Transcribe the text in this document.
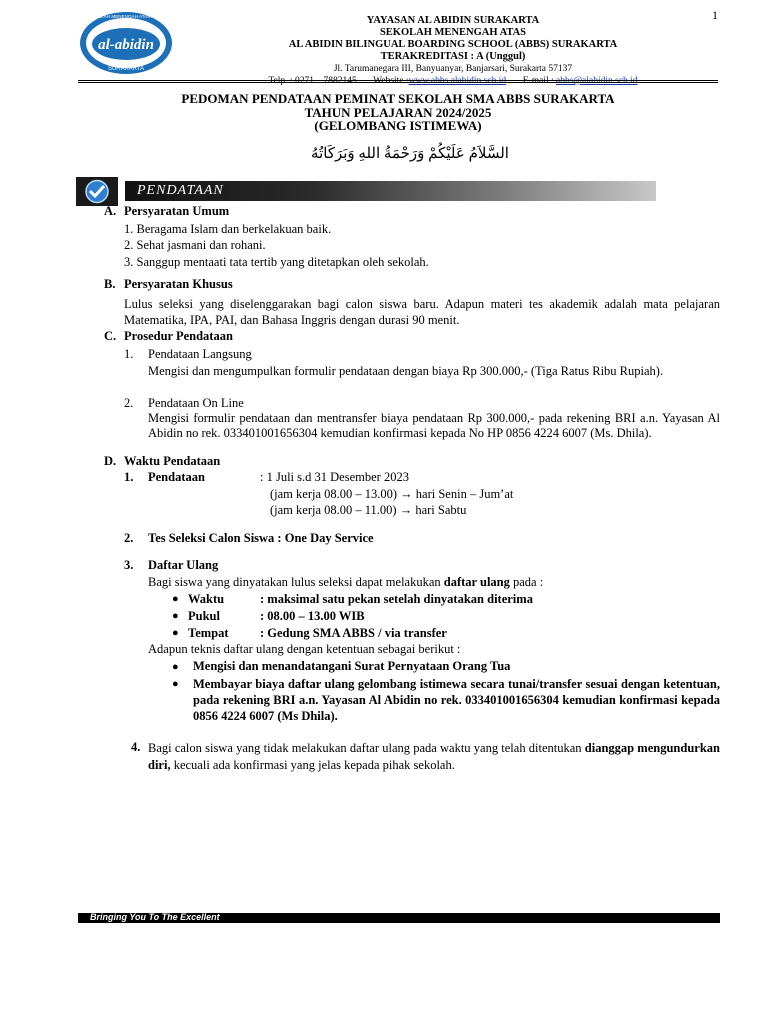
1
al-abidin
SEKOLAH MENENGAH ATAS ABBS
SURAKARTA
YAYASAN AL ABIDIN SURAKARTA
SEKOLAH MENENGAH ATAS
AL ABIDIN BILINGUAL BOARDING SCHOOL (ABBS) SURAKARTA
TERAKREDITASI : A (Unggul)
Jl. Tarumanegara III, Banyuanyar, Banjarsari, Surakarta 57137
Telp. : 0271 – 7882145 Website :www.abbs.alabidin.sch.id E-mail : abbs@alabidin.sch.id
PEDOMAN PENDATAAN PEMINAT SEKOLAH SMA ABBS SURAKARTA
TAHUN PELAJARAN 2024/2025
(GELOMBANG ISTIMEWA)
السَّلاَمُ عَلَيْكُمْ وَرَحْمَةُ اللهِ وَبَرَكَاتُهُ
PENDATAAN
A. Persyaratan Umum
1. Beragama Islam dan berkelakuan baik.
2. Sehat jasmani dan rohani.
3. Sanggup mentaati tata tertib yang ditetapkan oleh sekolah.
B. Persyaratan Khusus
Lulus seleksi yang diselenggarakan bagi calon siswa baru. Adapun materi tes akademik adalah mata pelajaran Matematika, IPA, PAI, dan Bahasa Inggris dengan durasi 90 menit.
C. Prosedur Pendataan
1. Pendataan Langsung
Mengisi dan mengumpulkan formulir pendataan dengan biaya Rp 300.000,- (Tiga Ratus Ribu Rupiah).
2. Pendataan On Line
Mengisi formulir pendataan dan mentransfer biaya pendataan Rp 300.000,- pada rekening BRI a.n. Yayasan Al Abidin no rek. 033401001656304 kemudian konfirmasi kepada No HP 0856 4224 6007 (Ms. Dhila).
D. Waktu Pendataan
1. Pendataan	: 1 Juli s.d 31 Desember 2023
(jam kerja 08.00 – 13.00) → hari Senin – Jum’at
(jam kerja 08.00 – 11.00) → hari Sabtu
2. Tes Seleksi Calon Siswa : One Day Service
3. Daftar Ulang
Bagi siswa yang dinyatakan lulus seleksi dapat melakukan daftar ulang pada :
● Waktu	: maksimal satu pekan setelah dinyatakan diterima
● Pukul	: 08.00 – 13.00 WIB
● Tempat	: Gedung SMA ABBS / via transfer
Adapun teknis daftar ulang dengan ketentuan sebagai berikut :
● Mengisi dan menandatangani Surat Pernyataan Orang Tua
● Membayar biaya daftar ulang gelombang istimewa secara tunai/transfer sesuai dengan ketentuan, pada rekening BRI a.n. Yayasan Al Abidin no rek. 033401001656304 kemudian konfirmasi kepada 0856 4224 6007 (Ms Dhila).
4. Bagi calon siswa yang tidak melakukan daftar ulang pada waktu yang telah ditentukan dianggap mengundurkan diri, kecuali ada konfirmasi yang jelas kepada pihak sekolah.
Bringing You To The Excellent
